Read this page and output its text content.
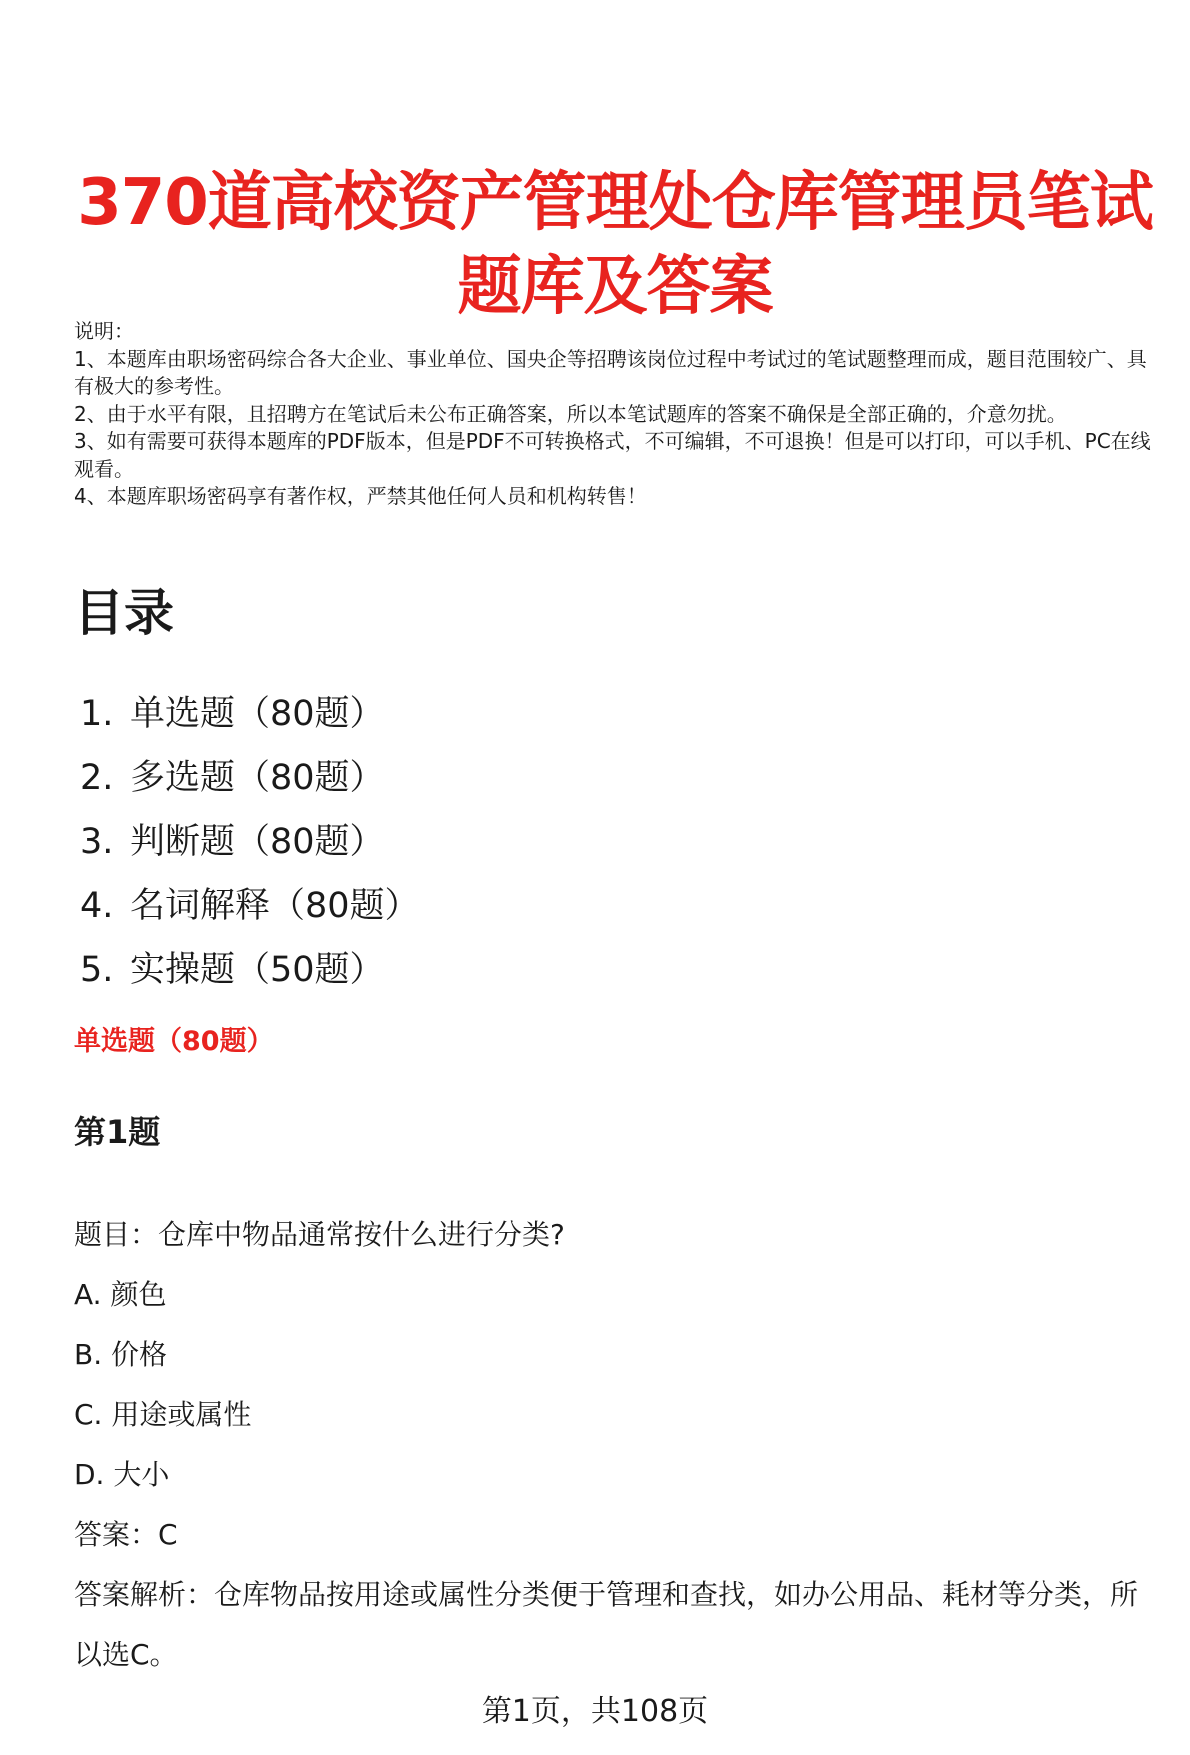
370道高校资产管理处仓库管理员笔试题库及答案

说明：

1、本题库由职场密码综合各大企业、事业单位、国央企等招聘该岗位过程中考试过的笔试题整理而成，题目范围较广、具有极大的参考性。

2、由于水平有限，且招聘方在笔试后未公布正确答案，所以本笔试题库的答案不确保是全部正确的，介意勿扰。

3、如有需要可获得本题库的PDF版本，但是PDF不可转换格式，不可编辑，不可退换！但是可以打印，可以手机、PC在线观看。

4、本题库职场密码享有著作权，严禁其他任何人员和机构转售！

目录
1. 单选题（80题）
2. 多选题（80题）
3. 判断题（80题）
4. 名词解释（80题）
5. 实操题（50题）
单选题（80题）
第1题
题目：仓库中物品通常按什么进行分类?
A. 颜色
B. 价格
C. 用途或属性
D. 大小
答案：C
答案解析：仓库物品按用途或属性分类便于管理和查找，如办公用品、耗材等分类，所以选C。
第1页，共108页
